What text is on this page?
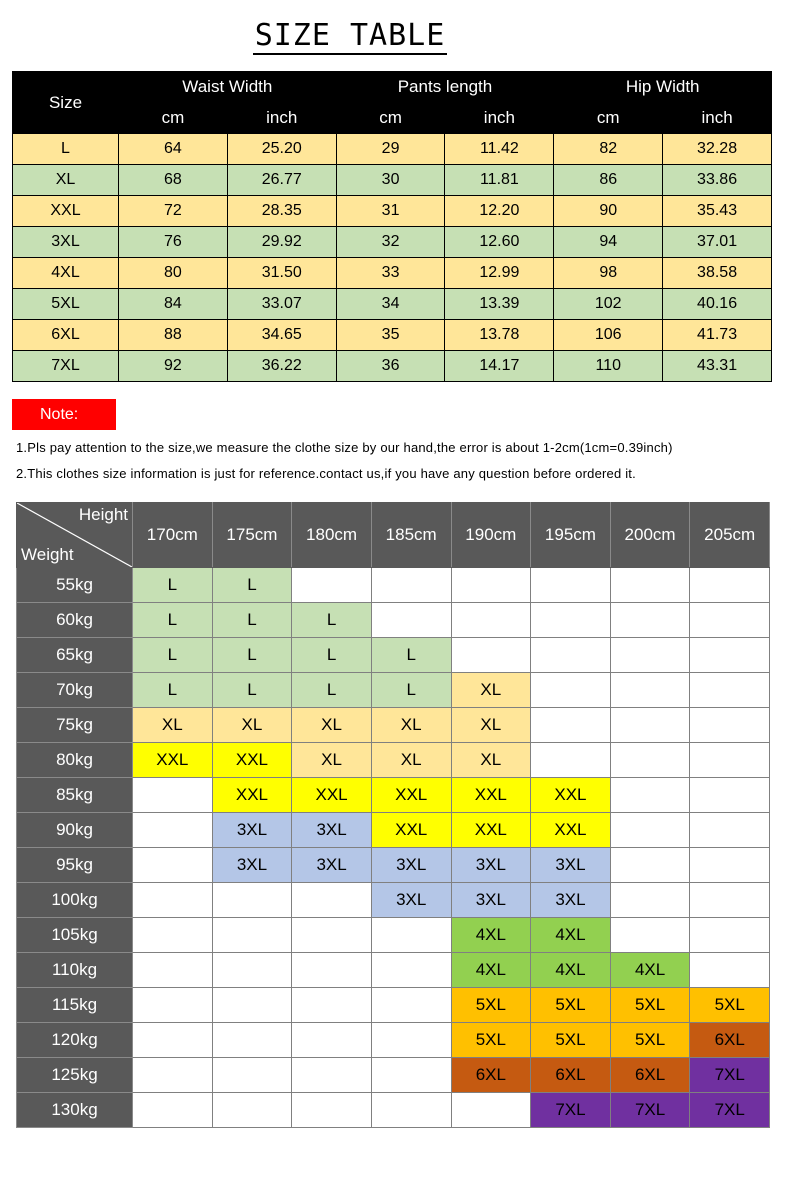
SIZE TABLE
Size	Waist Width		Pants length		Hip Width	
	cm	inch	cm	inch	cm	inch
L	64	25.20	29	11.42	82	32.28
XL	68	26.77	30	11.81	86	33.86
XXL	72	28.35	31	12.20	90	35.43
3XL	76	29.92	32	12.60	94	37.01
4XL	80	31.50	33	12.99	98	38.58
5XL	84	33.07	34	13.39	102	40.16
6XL	88	34.65	35	13.78	106	41.73
7XL	92	36.22	36	14.17	110	43.31
Note:
1.Pls pay attention to the size,we measure the clothe size by our hand,the error is about 1-2cm(1cm=0.39inch)
2.This clothes size information is just for reference.contact us,if you have any question before ordered it.
Height
Weight	170cm	175cm	180cm	185cm	190cm	195cm	200cm	205cm
55kg	L	L						
60kg	L	L	L					
65kg	L	L	L	L				
70kg	L	L	L	L	XL			
75kg	XL	XL	XL	XL	XL			
80kg	XXL	XXL	XL	XL	XL			
85kg		XXL	XXL	XXL	XXL	XXL		
90kg		3XL	3XL	XXL	XXL	XXL		
95kg		3XL	3XL	3XL	3XL	3XL		
100kg				3XL	3XL	3XL		
105kg					4XL	4XL		
110kg					4XL	4XL	4XL	
115kg					5XL	5XL	5XL	5XL
120kg					5XL	5XL	5XL	6XL
125kg					6XL	6XL	6XL	7XL
130kg						7XL	7XL	7XL
